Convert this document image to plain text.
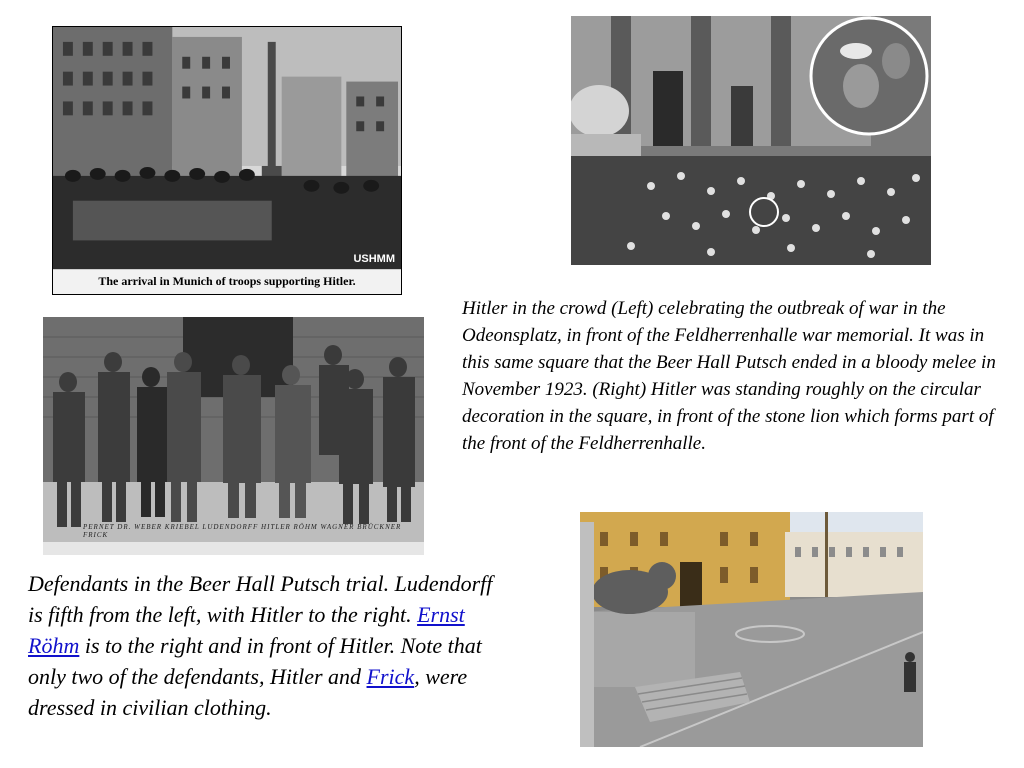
USHMM
The arrival in Munich of troops supporting Hitler.
PERNET DR. WEBER KRIEBEL LUDENDORFF HITLER RÖHM WAGNER BRÜCKNER FRICK

Hitler in the crowd (Left) celebrating the outbreak of war in the Odeonsplatz, in front of the Feldherrenhalle war memorial. It was in this same square that the Beer Hall Putsch ended in a bloody melee in November 1923. (Right) Hitler was standing roughly on the circular decoration in the square, in front of the stone lion which forms part of the front of the Feldherrenhalle.

Defendants in the Beer Hall Putsch trial. Ludendorff is fifth from the left, with Hitler to the right. Ernst Röhm is to the right and in front of Hitler. Note that only two of the defendants, Hitler and Frick, were dressed in civilian clothing.
